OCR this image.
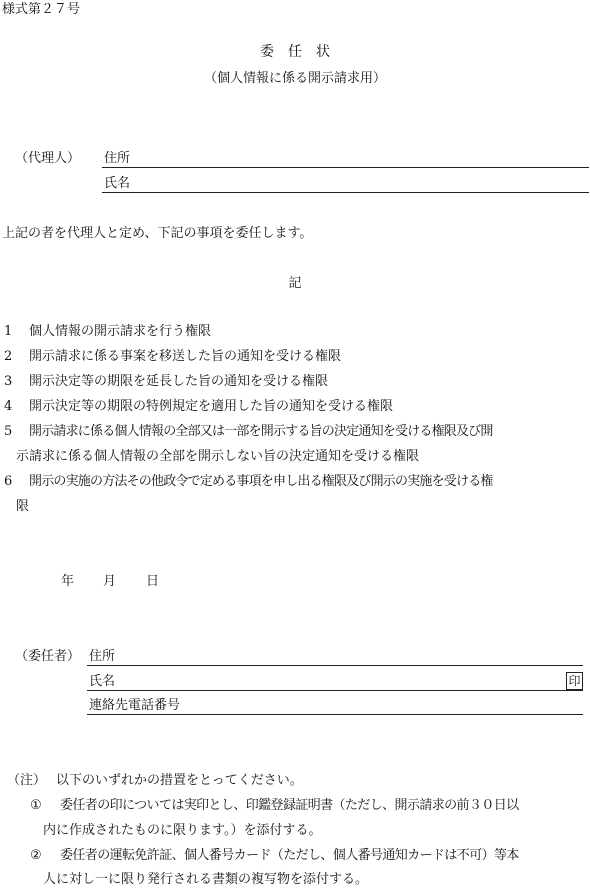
様式第２７号
委　任　状
（個人情報に係る開示請求用）
（代理人） 住所
氏名
上記の者を代理人と定め、下記の事項を委任します。
記
1 個人情報の開示請求を行う権限
2 開示請求に係る事案を移送した旨の通知を受ける権限
3 開示決定等の期限を延長した旨の通知を受ける権限
4 開示決定等の期限の特例規定を適用した旨の通知を受ける権限
5 開示請求に係る個人情報の全部又は一部を開示する旨の決定通知を受ける権限及び開
示請求に係る個人情報の全部を開示しない旨の決定通知を受ける権限
6 開示の実施の方法その他政令で定める事項を申し出る権限及び開示の実施を受ける権
限
年 月 日
（委任者） 住所
氏名	印
連絡先電話番号
（注） 以下のいずれかの措置をとってください。
① 委任者の印については実印とし、印鑑登録証明書（ただし、開示請求の前３０日以
内に作成されたものに限ります。）を添付する。
② 委任者の運転免許証、個人番号カード（ただし、個人番号通知カードは不可）等本
人に対し一に限り発行される書類の複写物を添付する。
